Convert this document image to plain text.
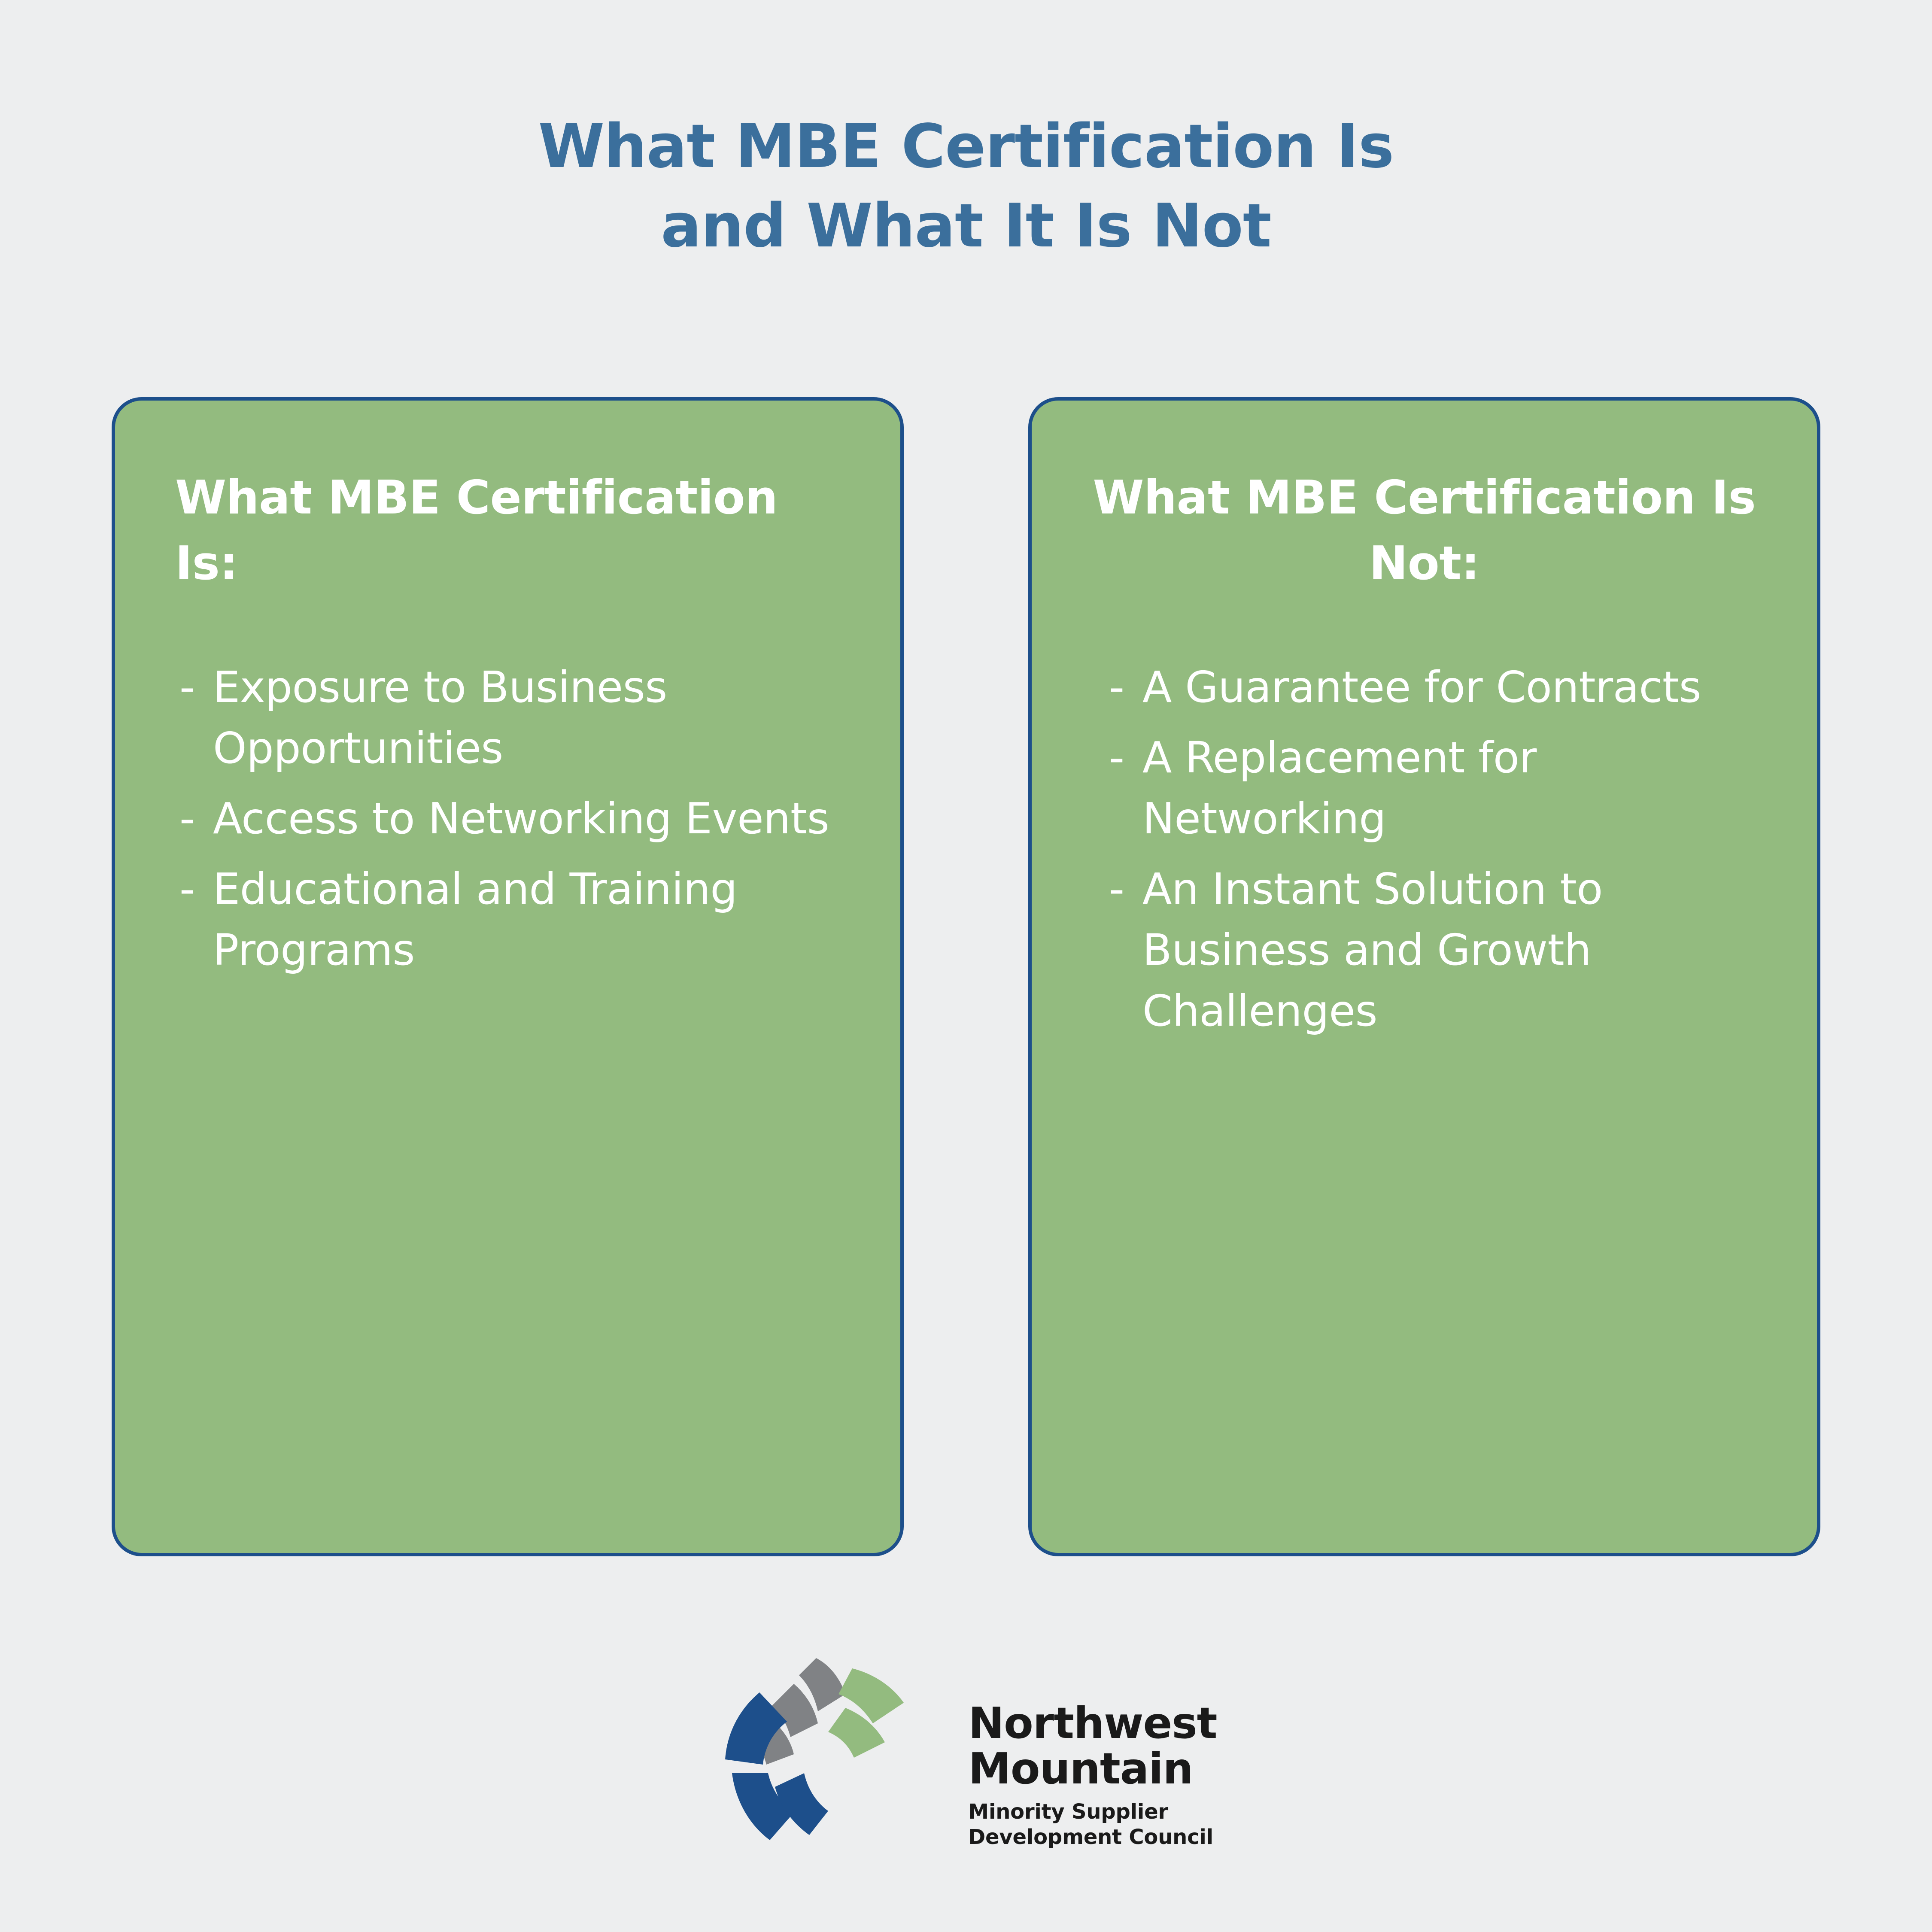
What MBE Certification Is
and What It Is Not
What MBE Certification Is:
- Exposure to Business Opportunities
- Access to Networking Events
- Educational and Training Programs
What MBE Certification Is Not:
- A Guarantee for Contracts
- A Replacement for Networking
- An Instant Solution to Business and Growth Challenges
Northwest
Mountain
Minority Supplier
Development Council
